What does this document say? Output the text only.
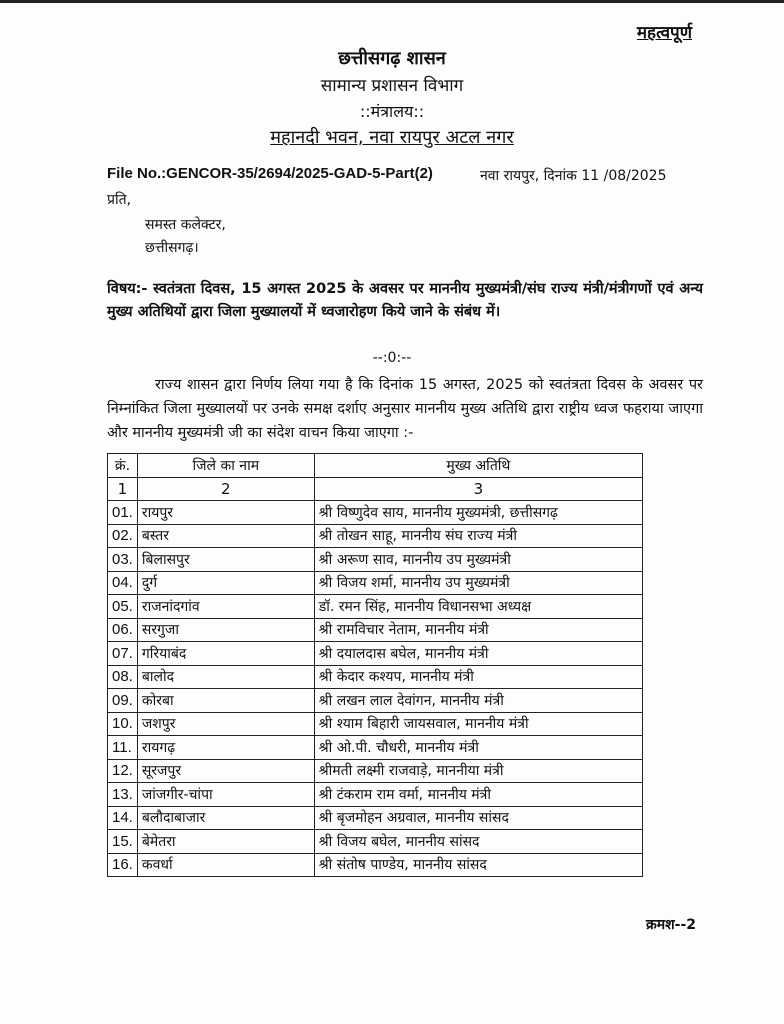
महत्वपूर्ण
छत्तीसगढ़ शासन
सामान्य प्रशासन विभाग
::मंत्रालय::
महानदी भवन, नवा रायपुर अटल नगर
File No.:GENCOR-35/2694/2025-GAD-5-Part(2)	नवा रायपुर, दिनांक 11 /08/2025
प्रति,
समस्त कलेक्टर,
छत्तीसगढ़।
विषय:- स्वतंत्रता दिवस, 15 अगस्त 2025 के अवसर पर माननीय मुख्यमंत्री/संघ राज्य मंत्री/मंत्रीगणों एवं अन्य मुख्य अतिथियों द्वारा जिला मुख्यालयों में ध्वजारोहण किये जाने के संबंध में।
--:0:--
राज्य शासन द्वारा निर्णय लिया गया है कि दिनांक 15 अगस्त, 2025 को स्वतंत्रता दिवस के अवसर पर निम्नांकित जिला मुख्यालयों पर उनके समक्ष दर्शाए अनुसार माननीय मुख्य अतिथि द्वारा राष्ट्रीय ध्वज फहराया जाएगा और माननीय मुख्यमंत्री जी का संदेश वाचन किया जाएगा :-
क्रं.	जिले का नाम	मुख्य अतिथि
1	2	3
01.	रायपुर	श्री विष्णुदेव साय, माननीय मुख्यमंत्री, छत्तीसगढ़
02.	बस्तर	श्री तोखन साहू, माननीय संघ राज्य मंत्री
03.	बिलासपुर	श्री अरूण साव, माननीय उप मुख्यमंत्री
04.	दुर्ग	श्री विजय शर्मा, माननीय उप मुख्यमंत्री
05.	राजनांदगांव	डॉ. रमन सिंह, माननीय विधानसभा अध्यक्ष
06.	सरगुजा	श्री रामविचार नेताम, माननीय मंत्री
07.	गरियाबंद	श्री दयालदास बघेल, माननीय मंत्री
08.	बालोद	श्री केदार कश्यप, माननीय मंत्री
09.	कोरबा	श्री लखन लाल देवांगन, माननीय मंत्री
10.	जशपुर	श्री श्याम बिहारी जायसवाल, माननीय मंत्री
11.	रायगढ़	श्री ओ.पी. चौधरी, माननीय मंत्री
12.	सूरजपुर	श्रीमती लक्ष्मी राजवाड़े, माननीया मंत्री
13.	जांजगीर-चांपा	श्री टंकराम राम वर्मा, माननीय मंत्री
14.	बलौदाबाजार	श्री बृजमोहन अग्रवाल, माननीय सांसद
15.	बेमेतरा	श्री विजय बघेल, माननीय सांसद
16.	कवर्धा	श्री संतोष पाण्डेय, माननीय सांसद
क्रमश--2
